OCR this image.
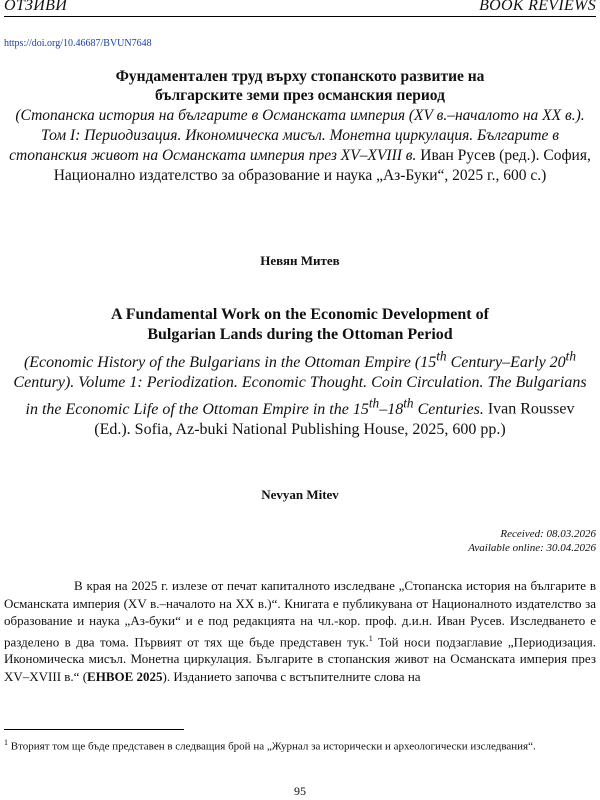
ОТЗИВИ	BOOK REVIEWS
https://doi.org/10.46687/BVUN7648
Фундаментален труд върху стопанското развитие на
българските земи през османския период
(Стопанска история на българите в Османската империя (XV в.–началото на XX в.). Том I: Периодизация. Икономическа мисъл. Монетна циркулация. Българите в стопанския живот на Османската империя през XV–XVIII в. Иван Русев (ред.). София, Национално издателство за образование и наука „Аз-Буки“, 2025 г., 600 с.)
Невян Митев
A Fundamental Work on the Economic Development of
Bulgarian Lands during the Ottoman Period
(Economic History of the Bulgarians in the Ottoman Empire (15th Century–Early 20th Century). Volume 1: Periodization. Economic Thought. Coin Circulation. The Bulgarians in the Economic Life of the Ottoman Empire in the 15th–18th Centuries. Ivan Roussev (Ed.). Sofia, Az-buki National Publishing House, 2025, 600 pp.)
Nevyan Mitev
Received: 08.03.2026
Available online: 30.04.2026

В края на 2025 г. излезе от печат капиталното изследване „Стопанска история на българите в Османската империя (XV в.–началото на XX в.)“. Книгата е публикувана от Националното издателство за образование и наука „Аз-буки“ и е под редакцията на чл.-кор. проф. д.и.н. Иван Русев. Изследването е разделено в два тома. Първият от тях ще бъде представен тук.$^1$ Той носи подзаглавие „Периодизация. Икономическа мисъл. Монетна циркулация. Българите в стопанския живот на Османската империя през XV–XVIII в.“ (ЕНВОЕ 2025). Изданието започва с встъпителните слова на

$^1$ Вторият том ще бъде представен в следващия брой на „Журнал за исторически и археологически изследвания“.

95
